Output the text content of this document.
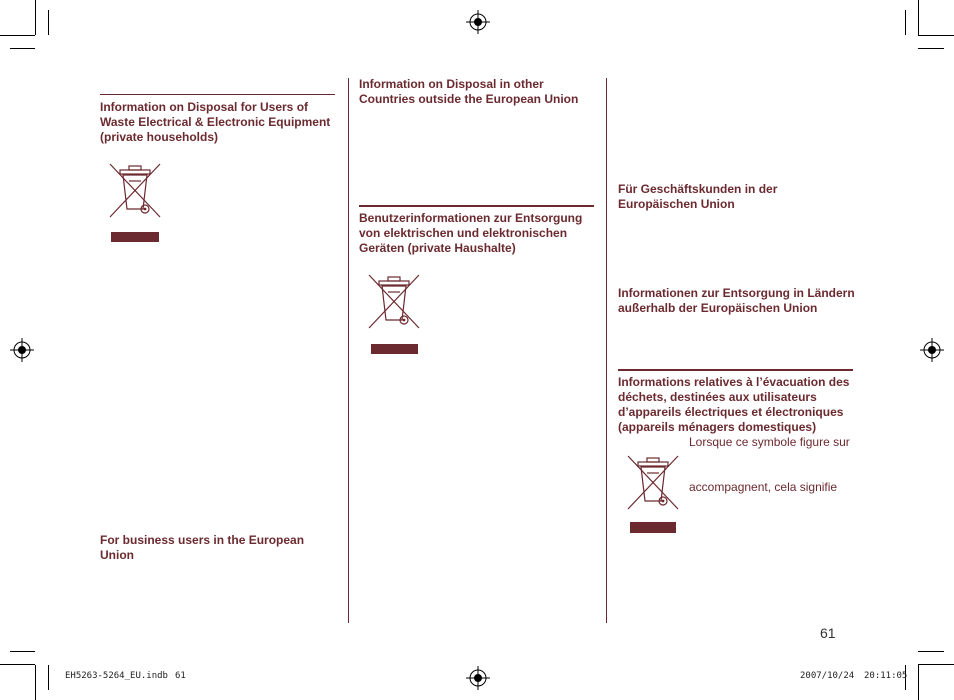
Information on Disposal for Users of
Waste Electrical & Electronic Equipment
(private households)
For business users in the European
Union
Information on Disposal in other
Countries outside the European Union
Benutzerinformationen zur Entsorgung
von elektrischen und elektronischen
Geräten (private Haushalte)
Für Geschäftskunden in der
Europäischen Union
Informationen zur Entsorgung in Ländern
außerhalb der Europäischen Union
Informations relatives à l’évacuation des
déchets, destinées aux utilisateurs
d’appareils électriques et électroniques
(appareils ménagers domestiques)
Lorsque ce symbole figure sur
accompagnent, cela signifie
61
EH5263-5264_EU.indb 61	2007/10/24 20:11:05
